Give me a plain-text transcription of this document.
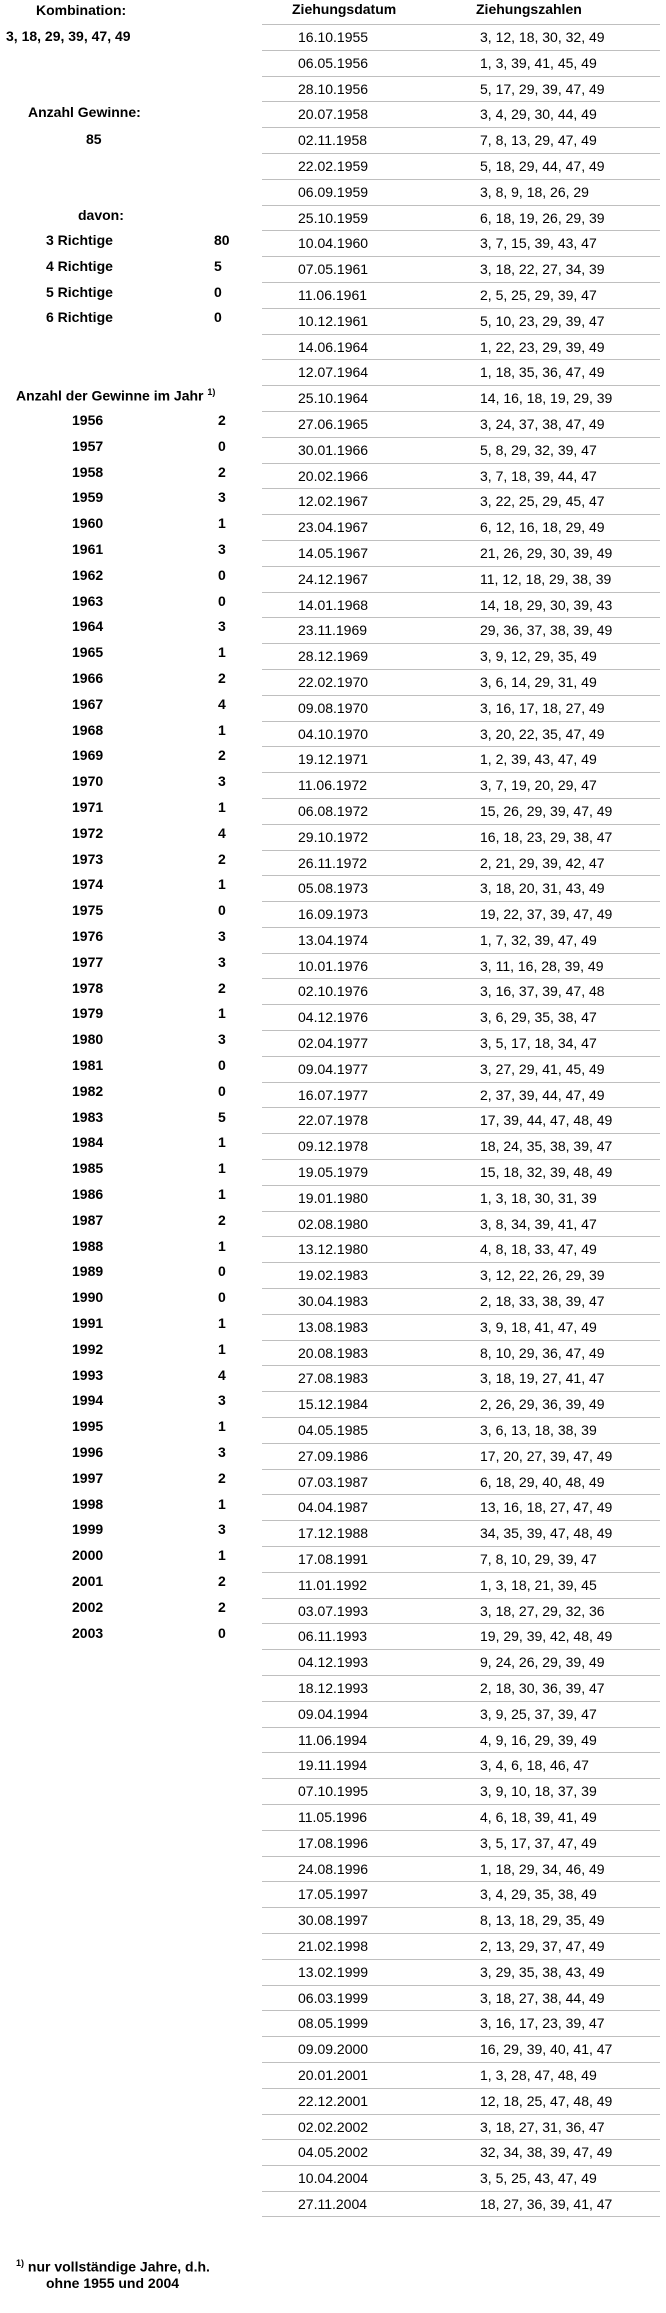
Kombination:
3, 18, 29, 39, 47, 49
Anzahl Gewinne:
85
davon:
3 Richtige	80
4 Richtige	5
5 Richtige	0
6 Richtige	0
Anzahl der Gewinne im Jahr $^{1)}$
1956	2
1957	0
1958	2
1959	3
1960	1
1961	3
1962	0
1963	0
1964	3
1965	1
1966	2
1967	4
1968	1
1969	2
1970	3
1971	1
1972	4
1973	2
1974	1
1975	0
1976	3
1977	3
1978	2
1979	1
1980	3
1981	0
1982	0
1983	5
1984	1
1985	1
1986	1
1987	2
1988	1
1989	0
1990	0
1991	1
1992	1
1993	4
1994	3
1995	1
1996	3
1997	2
1998	1
1999	3
2000	1
2001	2
2002	2
2003	0
Ziehungsdatum	Ziehungszahlen
16.10.1955	3, 12, 18, 30, 32, 49
06.05.1956	1, 3, 39, 41, 45, 49
28.10.1956	5, 17, 29, 39, 47, 49
20.07.1958	3, 4, 29, 30, 44, 49
02.11.1958	7, 8, 13, 29, 47, 49
22.02.1959	5, 18, 29, 44, 47, 49
06.09.1959	3, 8, 9, 18, 26, 29
25.10.1959	6, 18, 19, 26, 29, 39
10.04.1960	3, 7, 15, 39, 43, 47
07.05.1961	3, 18, 22, 27, 34, 39
11.06.1961	2, 5, 25, 29, 39, 47
10.12.1961	5, 10, 23, 29, 39, 47
14.06.1964	1, 22, 23, 29, 39, 49
12.07.1964	1, 18, 35, 36, 47, 49
25.10.1964	14, 16, 18, 19, 29, 39
27.06.1965	3, 24, 37, 38, 47, 49
30.01.1966	5, 8, 29, 32, 39, 47
20.02.1966	3, 7, 18, 39, 44, 47
12.02.1967	3, 22, 25, 29, 45, 47
23.04.1967	6, 12, 16, 18, 29, 49
14.05.1967	21, 26, 29, 30, 39, 49
24.12.1967	11, 12, 18, 29, 38, 39
14.01.1968	14, 18, 29, 30, 39, 43
23.11.1969	29, 36, 37, 38, 39, 49
28.12.1969	3, 9, 12, 29, 35, 49
22.02.1970	3, 6, 14, 29, 31, 49
09.08.1970	3, 16, 17, 18, 27, 49
04.10.1970	3, 20, 22, 35, 47, 49
19.12.1971	1, 2, 39, 43, 47, 49
11.06.1972	3, 7, 19, 20, 29, 47
06.08.1972	15, 26, 29, 39, 47, 49
29.10.1972	16, 18, 23, 29, 38, 47
26.11.1972	2, 21, 29, 39, 42, 47
05.08.1973	3, 18, 20, 31, 43, 49
16.09.1973	19, 22, 37, 39, 47, 49
13.04.1974	1, 7, 32, 39, 47, 49
10.01.1976	3, 11, 16, 28, 39, 49
02.10.1976	3, 16, 37, 39, 47, 48
04.12.1976	3, 6, 29, 35, 38, 47
02.04.1977	3, 5, 17, 18, 34, 47
09.04.1977	3, 27, 29, 41, 45, 49
16.07.1977	2, 37, 39, 44, 47, 49
22.07.1978	17, 39, 44, 47, 48, 49
09.12.1978	18, 24, 35, 38, 39, 47
19.05.1979	15, 18, 32, 39, 48, 49
19.01.1980	1, 3, 18, 30, 31, 39
02.08.1980	3, 8, 34, 39, 41, 47
13.12.1980	4, 8, 18, 33, 47, 49
19.02.1983	3, 12, 22, 26, 29, 39
30.04.1983	2, 18, 33, 38, 39, 47
13.08.1983	3, 9, 18, 41, 47, 49
20.08.1983	8, 10, 29, 36, 47, 49
27.08.1983	3, 18, 19, 27, 41, 47
15.12.1984	2, 26, 29, 36, 39, 49
04.05.1985	3, 6, 13, 18, 38, 39
27.09.1986	17, 20, 27, 39, 47, 49
07.03.1987	6, 18, 29, 40, 48, 49
04.04.1987	13, 16, 18, 27, 47, 49
17.12.1988	34, 35, 39, 47, 48, 49
17.08.1991	7, 8, 10, 29, 39, 47
11.01.1992	1, 3, 18, 21, 39, 45
03.07.1993	3, 18, 27, 29, 32, 36
06.11.1993	19, 29, 39, 42, 48, 49
04.12.1993	9, 24, 26, 29, 39, 49
18.12.1993	2, 18, 30, 36, 39, 47
09.04.1994	3, 9, 25, 37, 39, 47
11.06.1994	4, 9, 16, 29, 39, 49
19.11.1994	3, 4, 6, 18, 46, 47
07.10.1995	3, 9, 10, 18, 37, 39
11.05.1996	4, 6, 18, 39, 41, 49
17.08.1996	3, 5, 17, 37, 47, 49
24.08.1996	1, 18, 29, 34, 46, 49
17.05.1997	3, 4, 29, 35, 38, 49
30.08.1997	8, 13, 18, 29, 35, 49
21.02.1998	2, 13, 29, 37, 47, 49
13.02.1999	3, 29, 35, 38, 43, 49
06.03.1999	3, 18, 27, 38, 44, 49
08.05.1999	3, 16, 17, 23, 39, 47
09.09.2000	16, 29, 39, 40, 41, 47
20.01.2001	1, 3, 28, 47, 48, 49
22.12.2001	12, 18, 25, 47, 48, 49
02.02.2002	3, 18, 27, 31, 36, 47
04.05.2002	32, 34, 38, 39, 47, 49
10.04.2004	3, 5, 25, 43, 47, 49
27.11.2004	18, 27, 36, 39, 41, 47
$^{1)}$ nur vollständige Jahre, d.h.
ohne 1955 und 2004
